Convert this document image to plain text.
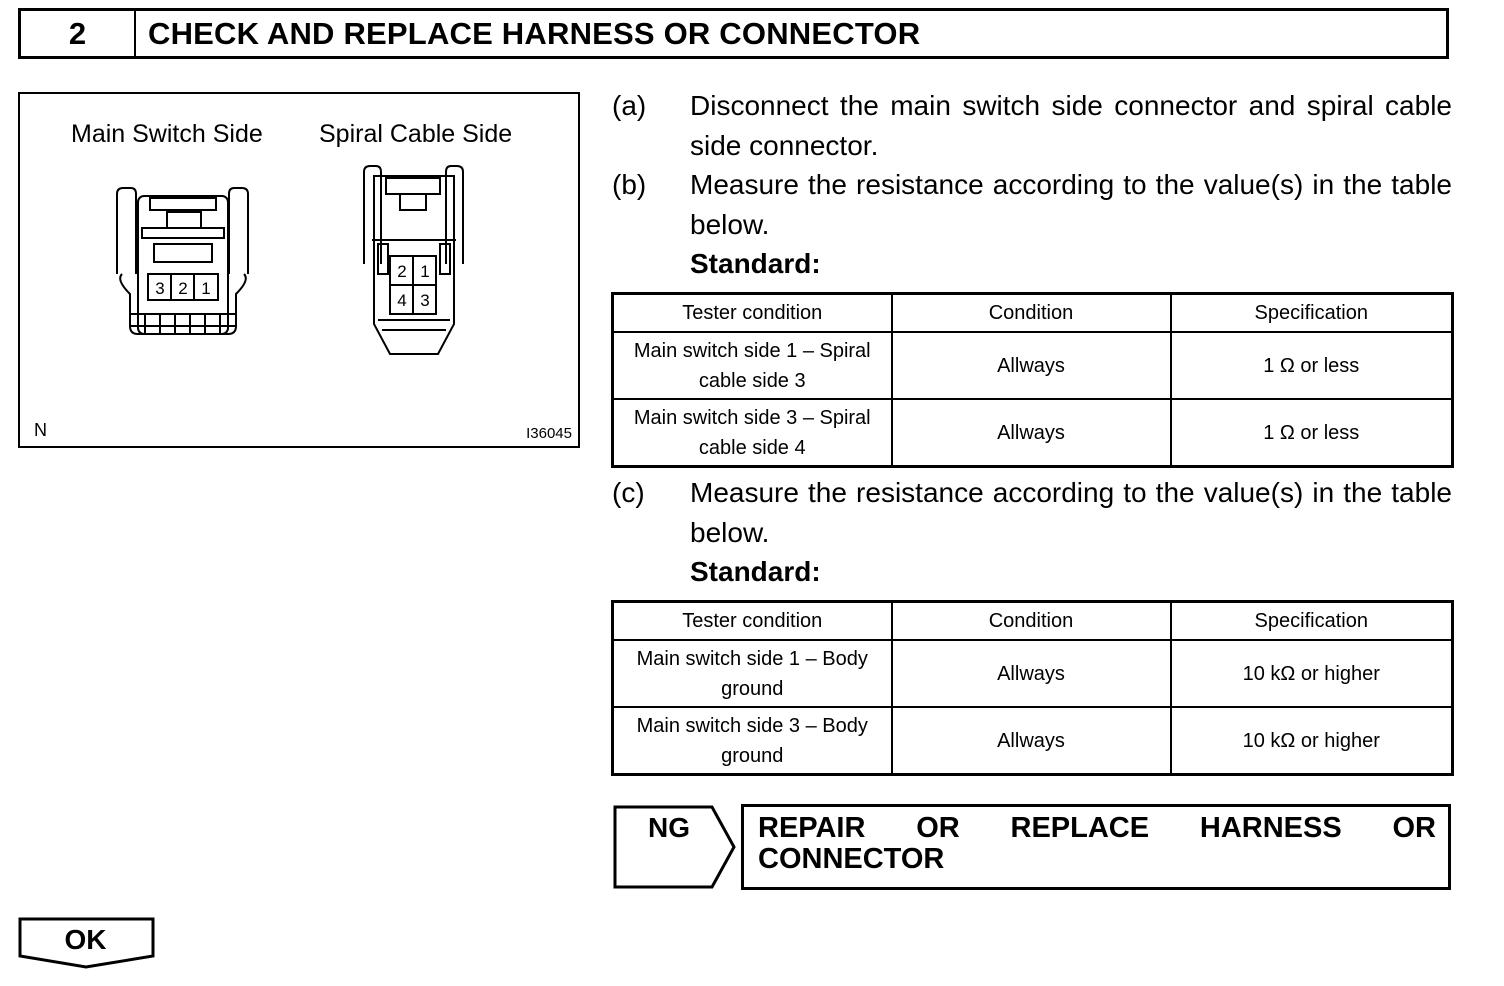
2	CHECK AND REPLACE HARNESS OR CONNECTOR
Main Switch Side Spiral Cable Side
3 2 1
2 1
4 3
N	I36045
(a) Disconnect the main switch side connector and spiral cable side connector.
(b) Measure the resistance according to the value(s) in the table below.
Standard:
Tester condition	Condition	Specification
Main switch side 1 – Spiral cable side 3	Allways	1 Ω or less
Main switch side 3 – Spiral cable side 4	Allways	1 Ω or less
(c) Measure the resistance according to the value(s) in the table below.
Standard:
Tester condition	Condition	Specification
Main switch side 1 – Body ground	Allways	10 kΩ or higher
Main switch side 3 – Body ground	Allways	10 kΩ or higher
NG REPAIR OR REPLACE HARNESS OR
CONNECTOR
OK
